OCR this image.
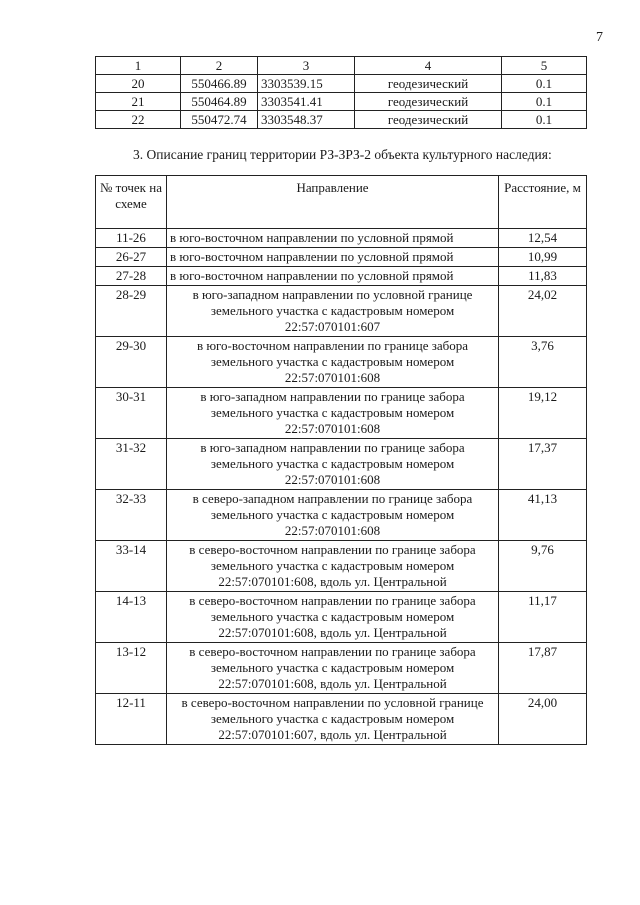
7
1	2	3	4	5
20	550466.89	3303539.15	геодезический	0.1
21	550464.89	3303541.41	геодезический	0.1
22	550472.74	3303548.37	геодезический	0.1
3. Описание границ территории РЗ-ЗРЗ-2 объекта культурного наследия:
№ точек на схеме	Направление	Расстояние, м
11-26	в юго-восточном направлении по условной прямой	12,54
26-27	в юго-восточном направлении по условной прямой	10,99
27-28	в юго-восточном направлении по условной прямой	11,83
28-29	в юго-западном направлении по условной границе земельного участка с кадастровым номером 22:57:070101:607	24,02
29-30	в юго-восточном направлении по границе забора земельного участка с кадастровым номером 22:57:070101:608	3,76
30-31	в юго-западном направлении по границе забора земельного участка с кадастровым номером 22:57:070101:608	19,12
31-32	в юго-западном направлении по границе забора земельного участка с кадастровым номером 22:57:070101:608	17,37
32-33	в северо-западном направлении по границе забора земельного участка с кадастровым номером 22:57:070101:608	41,13
33-14	в северо-восточном направлении по границе забора земельного участка с кадастровым номером 22:57:070101:608, вдоль ул. Центральной	9,76
14-13	в северо-восточном направлении по границе забора земельного участка с кадастровым номером 22:57:070101:608, вдоль ул. Центральной	11,17
13-12	в северо-восточном направлении по границе забора земельного участка с кадастровым номером 22:57:070101:608, вдоль ул. Центральной	17,87
12-11	в северо-восточном направлении по условной границе земельного участка с кадастровым номером 22:57:070101:607, вдоль ул. Центральной	24,00
